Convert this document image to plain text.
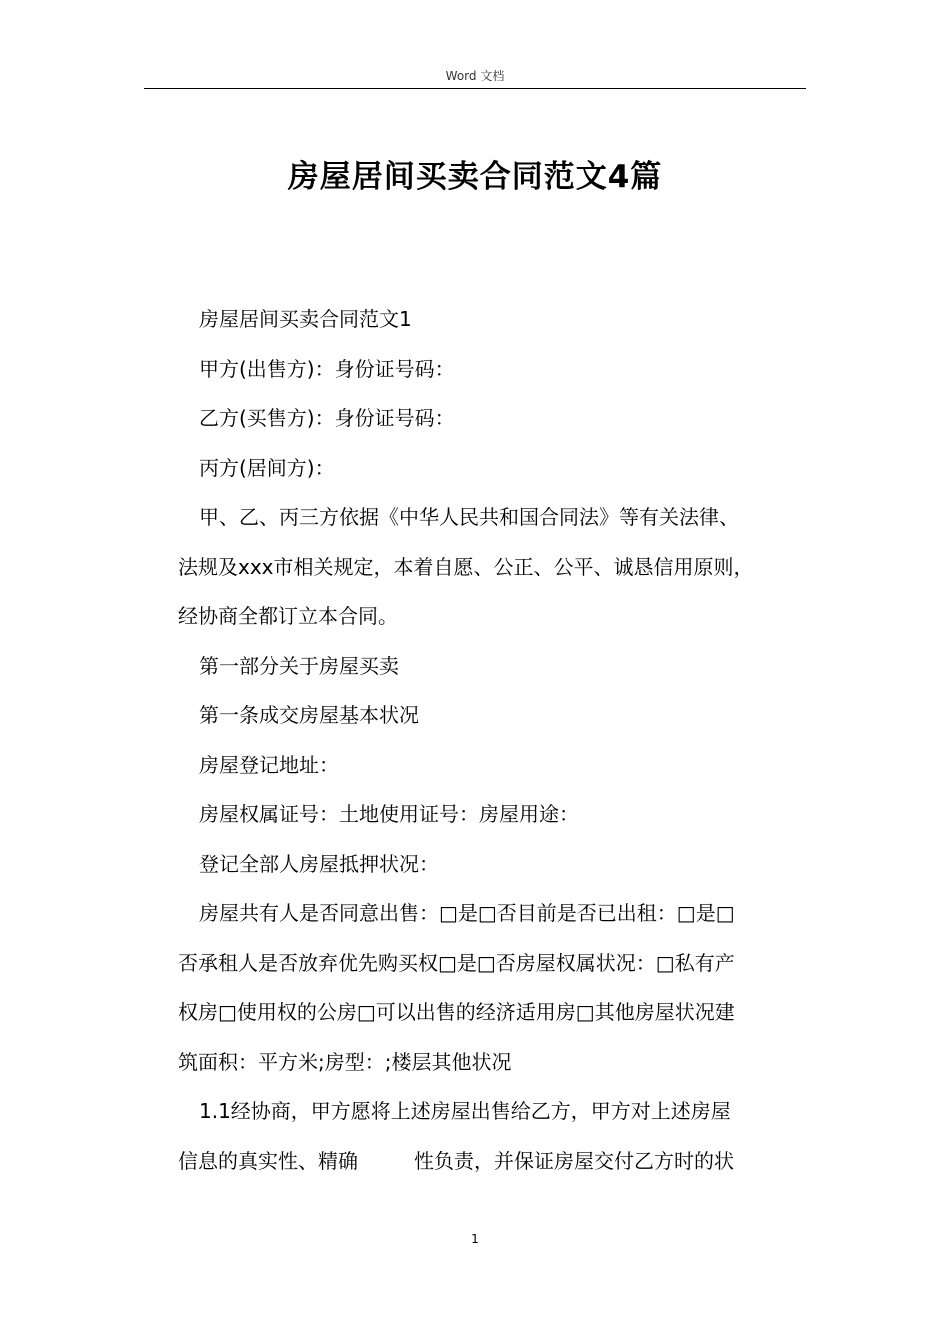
Word 文档
房屋居间买卖合同范文4篇

房屋居间买卖合同范文1

甲方(出售方)：身份证号码：

乙方(买售方)：身份证号码：

丙方(居间方)：

甲、乙、丙三方依据《中华人民共和国合同法》等有关法律、

法规及xxx市相关规定，本着自愿、公正、公平、诚恳信用原则，

经协商全都订立本合同。

第一部分关于房屋买卖

第一条成交房屋基本状况

房屋登记地址：

房屋权属证号：土地使用证号：房屋用途：

登记全部人房屋抵押状况：

房屋共有人是否同意出售：□是□否目前是否已出租：□是□

否承租人是否放弃优先购买权□是□否房屋权属状况：□私有产

权房□使用权的公房□可以出售的经济适用房□其他房屋状况建

筑面积：平方米;房型：;楼层其他状况

1.1经协商，甲方愿将上述房屋出售给乙方，甲方对上述房屋

信息的真实性、精确	性负责，并保证房屋交付乙方时的状

1
